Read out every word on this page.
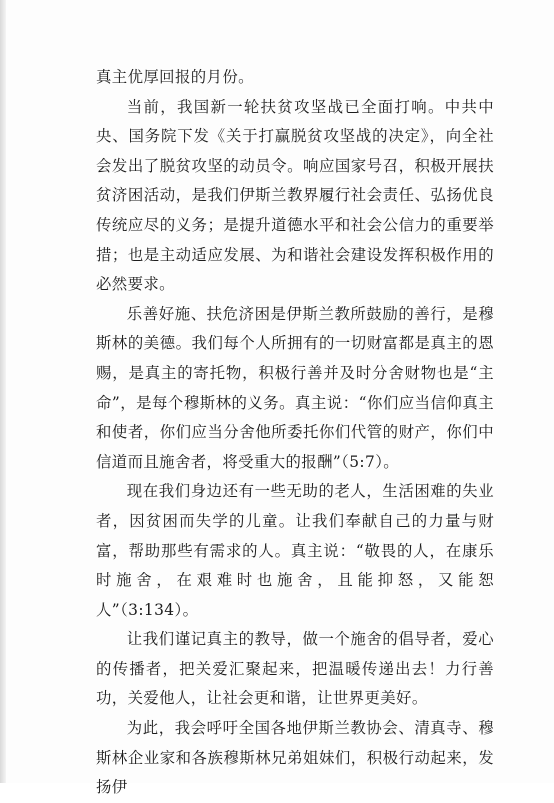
真主优厚回报的月份。

当前，我国新一轮扶贫攻坚战已全面打响。中共中央、国务院下发《关于打赢脱贫攻坚战的决定》，向全社会发出了脱贫攻坚的动员令。响应国家号召，积极开展扶贫济困活动，是我们伊斯兰教界履行社会责任、弘扬优良传统应尽的义务；是提升道德水平和社会公信力的重要举措；也是主动适应发展、为和谐社会建设发挥积极作用的必然要求。

乐善好施、扶危济困是伊斯兰教所鼓励的善行，是穆斯林的美德。我们每个人所拥有的一切财富都是真主的恩赐，是真主的寄托物，积极行善并及时分舍财物也是“主命”，是每个穆斯林的义务。真主说：“你们应当信仰真主和使者，你们应当分舍他所委托你们代管的财产，你们中信道而且施舍者，将受重大的报酬”（5:7）。

现在我们身边还有一些无助的老人，生活困难的失业者，因贫困而失学的儿童。让我们奉献自己的力量与财富，帮助那些有需求的人。真主说：“敬畏的人，在康乐时施舍，在艰难时也施舍，且能抑怒，又能恕人”（3:134）。

让我们谨记真主的教导，做一个施舍的倡导者，爱心的传播者，把关爱汇聚起来，把温暖传递出去！力行善功，关爱他人，让社会更和谐，让世界更美好。

为此，我会呼吁全国各地伊斯兰教协会、清真寺、穆斯林企业家和各族穆斯林兄弟姐妹们，积极行动起来，发扬伊
